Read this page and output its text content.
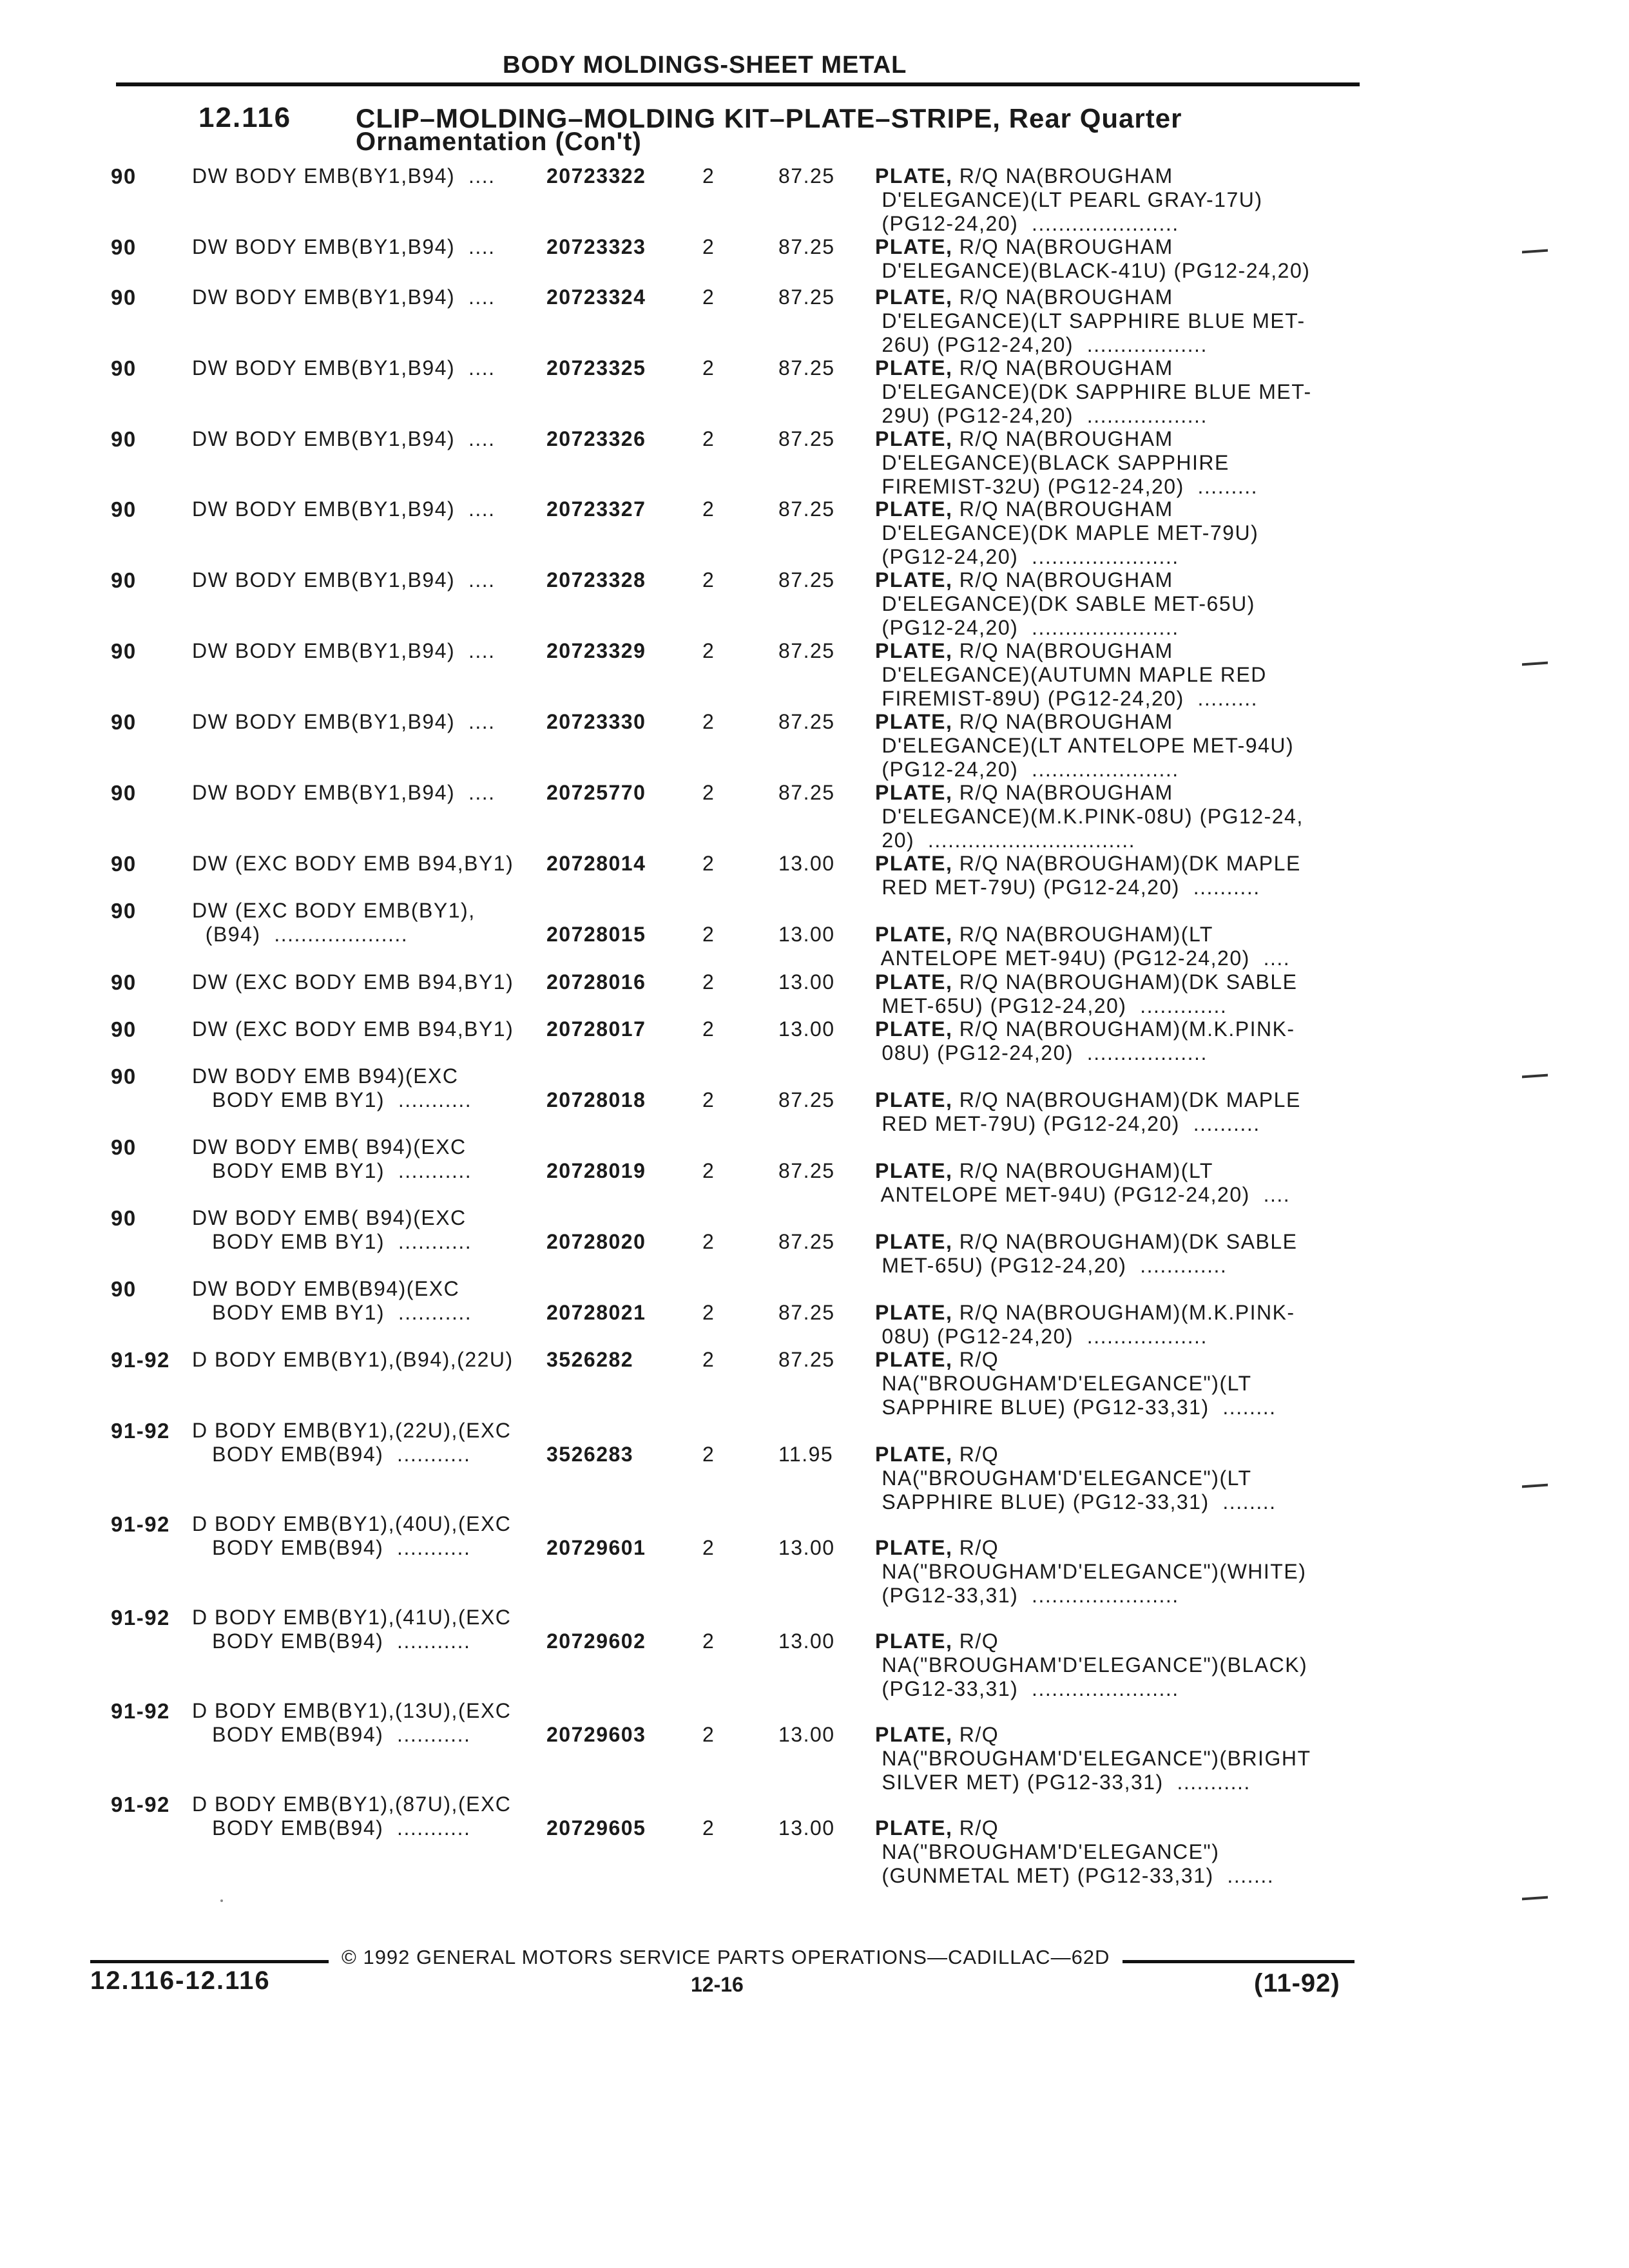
BODY MOLDINGS-SHEET METAL
12.116 CLIP–MOLDING–MOLDING KIT–PLATE–STRIPE, Rear Quarter
Ornamentation (Con't)
90	DW BODY EMB(BY1,B94)  ....	20723322	2	87.25 PLATE, R/Q NA(BROUGHAM
D'ELEGANCE)(LT PEARL GRAY-17U)
(PG12-24,20)  ......................
90	DW BODY EMB(BY1,B94)  ....	20723323	2	87.25 PLATE, R/Q NA(BROUGHAM
D'ELEGANCE)(BLACK-41U) (PG12-24,20)
90	DW BODY EMB(BY1,B94)  ....	20723324	2	87.25 PLATE, R/Q NA(BROUGHAM
D'ELEGANCE)(LT SAPPHIRE BLUE MET-
26U) (PG12-24,20)  ..................
90	DW BODY EMB(BY1,B94)  ....	20723325	2	87.25 PLATE, R/Q NA(BROUGHAM
D'ELEGANCE)(DK SAPPHIRE BLUE MET-
29U) (PG12-24,20)  ..................
90	DW BODY EMB(BY1,B94)  ....	20723326	2	87.25 PLATE, R/Q NA(BROUGHAM
D'ELEGANCE)(BLACK SAPPHIRE
FIREMIST-32U) (PG12-24,20)  .........
90	DW BODY EMB(BY1,B94)  ....	20723327	2	87.25 PLATE, R/Q NA(BROUGHAM
D'ELEGANCE)(DK MAPLE MET-79U)
(PG12-24,20)  ......................
90	DW BODY EMB(BY1,B94)  ....	20723328	2	87.25 PLATE, R/Q NA(BROUGHAM
D'ELEGANCE)(DK SABLE MET-65U)
(PG12-24,20)  ......................
90	DW BODY EMB(BY1,B94)  ....	20723329	2	87.25 PLATE, R/Q NA(BROUGHAM
D'ELEGANCE)(AUTUMN MAPLE RED
FIREMIST-89U) (PG12-24,20)  .........
90	DW BODY EMB(BY1,B94)  ....	20723330	2	87.25 PLATE, R/Q NA(BROUGHAM
D'ELEGANCE)(LT ANTELOPE MET-94U)
(PG12-24,20)  ......................
90	DW BODY EMB(BY1,B94)  ....	20725770	2	87.25 PLATE, R/Q NA(BROUGHAM
D'ELEGANCE)(M.K.PINK-08U) (PG12-24,
20)  ...............................
90	DW (EXC BODY EMB B94,BY1)	20728014	2	13.00 PLATE, R/Q NA(BROUGHAM)(DK MAPLE
RED MET-79U) (PG12-24,20)  ..........
90	DW (EXC BODY EMB(BY1),
(B94)  ....................	20728015	2	13.00 PLATE, R/Q NA(BROUGHAM)(LT
ANTELOPE MET-94U) (PG12-24,20)  ....
90	DW (EXC BODY EMB B94,BY1)	20728016	2	13.00 PLATE, R/Q NA(BROUGHAM)(DK SABLE
MET-65U) (PG12-24,20)  .............
90	DW (EXC BODY EMB B94,BY1)	20728017	2	13.00 PLATE, R/Q NA(BROUGHAM)(M.K.PINK-
08U) (PG12-24,20)  ..................
90	DW BODY EMB B94)(EXC
BODY EMB BY1)  ...........	20728018	2	87.25 PLATE, R/Q NA(BROUGHAM)(DK MAPLE
RED MET-79U) (PG12-24,20)  ..........
90	DW BODY EMB( B94)(EXC
BODY EMB BY1)  ...........	20728019	2	87.25 PLATE, R/Q NA(BROUGHAM)(LT
ANTELOPE MET-94U) (PG12-24,20)  ....
90	DW BODY EMB( B94)(EXC
BODY EMB BY1)  ...........	20728020	2	87.25 PLATE, R/Q NA(BROUGHAM)(DK SABLE
MET-65U) (PG12-24,20)  .............
90	DW BODY EMB(B94)(EXC
BODY EMB BY1)  ...........	20728021	2	87.25 PLATE, R/Q NA(BROUGHAM)(M.K.PINK-
08U) (PG12-24,20)  ..................
91-92 D BODY EMB(BY1),(B94),(22U)	3526282	2	87.25 PLATE, R/Q
NA("BROUGHAM'D'ELEGANCE")(LT
SAPPHIRE BLUE) (PG12-33,31)  ........
91-92 D BODY EMB(BY1),(22U),(EXC
BODY EMB(B94)  ...........	3526283	2	11.95 PLATE, R/Q
NA("BROUGHAM'D'ELEGANCE")(LT
SAPPHIRE BLUE) (PG12-33,31)  ........
91-92 D BODY EMB(BY1),(40U),(EXC
BODY EMB(B94)  ...........	20729601	2	13.00 PLATE, R/Q
NA("BROUGHAM'D'ELEGANCE")(WHITE)
(PG12-33,31)  ......................
91-92 D BODY EMB(BY1),(41U),(EXC
BODY EMB(B94)  ...........	20729602	2	13.00 PLATE, R/Q
NA("BROUGHAM'D'ELEGANCE")(BLACK)
(PG12-33,31)  ......................
91-92 D BODY EMB(BY1),(13U),(EXC
BODY EMB(B94)  ...........	20729603	2	13.00 PLATE, R/Q
NA("BROUGHAM'D'ELEGANCE")(BRIGHT
SILVER MET) (PG12-33,31)  ...........
91-92 D BODY EMB(BY1),(87U),(EXC
BODY EMB(B94)  ...........	20729605	2	13.00 PLATE, R/Q
NA("BROUGHAM'D'ELEGANCE")
(GUNMETAL MET) (PG12-33,31)  .......
© 1992 GENERAL MOTORS SERVICE PARTS OPERATIONS—CADILLAC—62D
12.116-12.116	12-16	(11-92)
